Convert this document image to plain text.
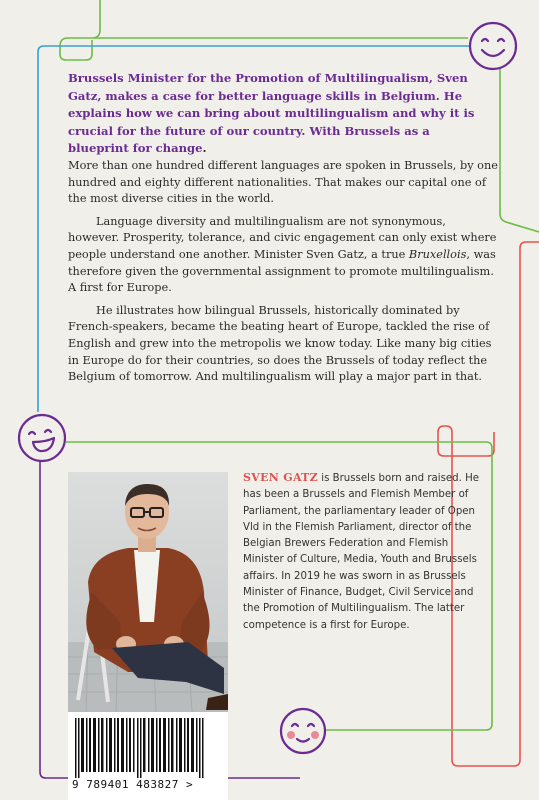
Brussels Minister for the Promotion of Multilingualism, Sven Gatz, makes a case for better language skills in Belgium. He explains how we can bring about multilingualism and why it is crucial for the future of our country. With Brussels as a blueprint for change.

More than one hundred different languages are spoken in Brussels, by one hundred and eighty different nationalities. That makes our capital one of the most diverse cities in the world.

Language diversity and multilingualism are not synonymous, however. Prosperity, tolerance, and civic engagement can only exist where people understand one another. Minister Sven Gatz, a true Bruxellois, was therefore given the governmental assignment to promote multilingualism. A first for Europe.

He illustrates how bilingual Brussels, historically dominated by French-speakers, became the beating heart of Europe, tackled the rise of English and grew into the metropolis we know today. Like many big cities in Europe do for their countries, so does the Brussels of today reflect the Belgium of tomorrow. And multilingualism will play a major part in that.

9 789401 483827 >

SVEN GATZ is Brussels born and raised. He has been a Brussels and Flemish Member of Parliament, the parliamentary leader of Open Vld in the Flemish Parliament, director of the Belgian Brewers Federation and Flemish Minister of Culture, Media, Youth and Brussels affairs. In 2019 he was sworn in as Brussels Minister of Finance, Budget, Civil Service and the Promotion of Multilingualism. The latter competence is a first for Europe.
